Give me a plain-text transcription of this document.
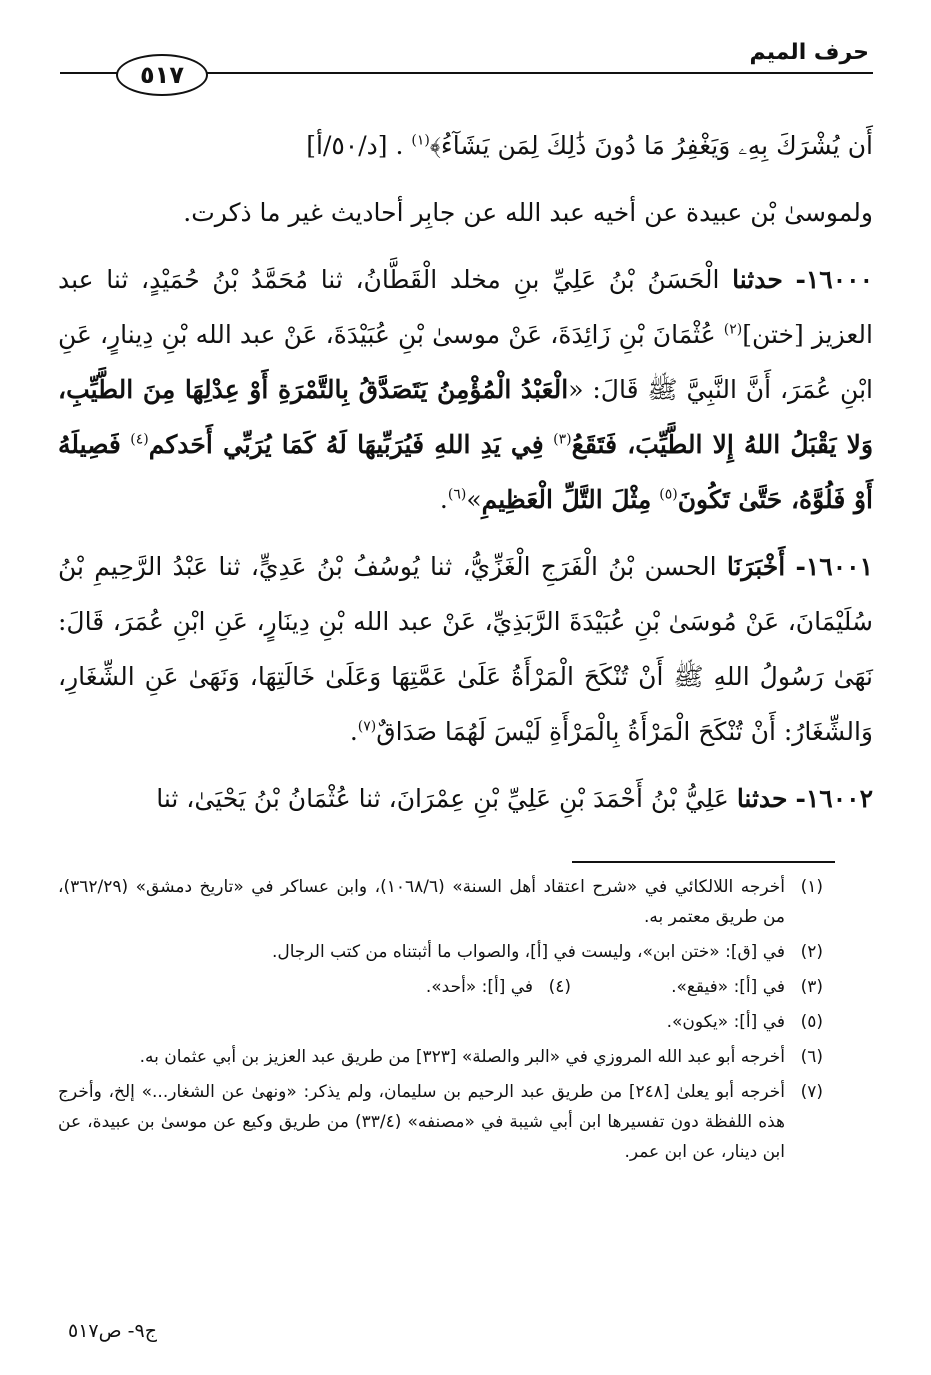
حرف الميم
٥١٧

أَن يُشْرَكَ بِهِۦ وَيَغْفِرُ مَا دُونَ ذَٰلِكَ لِمَن يَشَآءُ﴾$^{(١)}$ . [د/٥٠/أ]

ولموسىٰ بْن عبيدة عن أخيه عبد الله عن جابِر أحاديث غير ما ذكرت.

١٦٠٠٠- حدثنا الْحَسَنُ بْنُ عَلِيِّ بنِ مخلد الْقَطَّانُ، ثنا مُحَمَّدُ بْنُ حُمَيْدٍ، ثنا عبد العزيز [ختن]$^{(٢)}$ عُثْمَانَ بْنِ زَائِدَةَ، عَنْ موسىٰ بْنِ عُبَيْدَةَ، عَنْ عبد الله بْنِ دِينارٍ، عَنِ ابْنِ عُمَرَ، أَنَّ النَّبِيَّ ﷺ قَالَ: «الْعَبْدُ الْمُؤْمِنُ يَتَصَدَّقُ بِالتَّمْرَةِ أَوْ عِدْلِهَا مِنَ الطَّيِّبِ، وَلا يَقْبَلُ اللهُ إِلا الطَّيِّبَ، فَتَقَعُ$^{(٣)}$ فِي يَدِ اللهِ فَيُرَبِّيهَا لَهُ كَمَا يُرَبِّي أَحَدكم$^{(٤)}$ فَصِيلَهُ أَوْ فَلُوَّهُ، حَتَّىٰ تَكُونَ$^{(٥)}$ مِثْلَ التَّلِّ الْعَظِيمِ»$^{(٦)}$.

١٦٠٠١- أَخْبَرَنَا الحسن بْنُ الْفَرَجِ الْغَزِّيُّ، ثنا يُوسُفُ بْنُ عَدِيٍّ، ثنا عَبْدُ الرَّحِيمِ بْنُ سُلَيْمَانَ، عَنْ مُوسَىٰ بْنِ عُبَيْدَةَ الرَّبَذِيِّ، عَنْ عبد الله بْنِ دِينَارٍ، عَنِ ابْنِ عُمَرَ، قَالَ: نَهَىٰ رَسُولُ اللهِ ﷺ أَنْ تُنْكَحَ الْمَرْأَةُ عَلَىٰ عَمَّتِهَا وَعَلَىٰ خَالَتِهَا، وَنَهَىٰ عَنِ الشِّغَارِ، وَالشِّغَارُ: أَنْ تُنْكَحَ الْمَرْأَةُ بِالْمَرْأَةِ لَيْسَ لَهُمَا صَدَاقٌ$^{(٧)}$.

١٦٠٠٢- حدثنا عَلِيُّ بْنُ أَحْمَدَ بْنِ عَلِيِّ بْنِ عِمْرَانَ، ثنا عُثْمَانُ بْنُ يَحْيَىٰ، ثنا

(١)
أخرجه اللالكائي في «شرح اعتقاد أهل السنة» (١٠٦٨/٦)، وابن عساكر في «تاريخ دمشق» (٣٦٢/٢٩)، من طريق معتمر به.
(٢)
في [ق]: «ختن ابن»، وليست في [أ]، والصواب ما أثبتناه من كتب الرجال.
(٣)
في [أ]: «فيقع».
(٤)
في [أ]: «أحد».
(٥)
في [أ]: «يكون».
(٦)
أخرجه أبو عبد الله المروزي في «البر والصلة» [٣٢٣] من طريق عبد العزيز بن أبي عثمان به.
(٧)
أخرجه أبو يعلىٰ [٢٤٨] من طريق عبد الرحيم بن سليمان، ولم يذكر: «ونهىٰ عن الشغار...» إلخ، وأخرج هذه اللفظة دون تفسيرها ابن أبي شيبة في «مصنفه» (٣٣/٤) من طريق وكيع عن موسىٰ بن عبيدة، عن ابن دينار، عن ابن عمر.
ج٩- ص٥١٧
